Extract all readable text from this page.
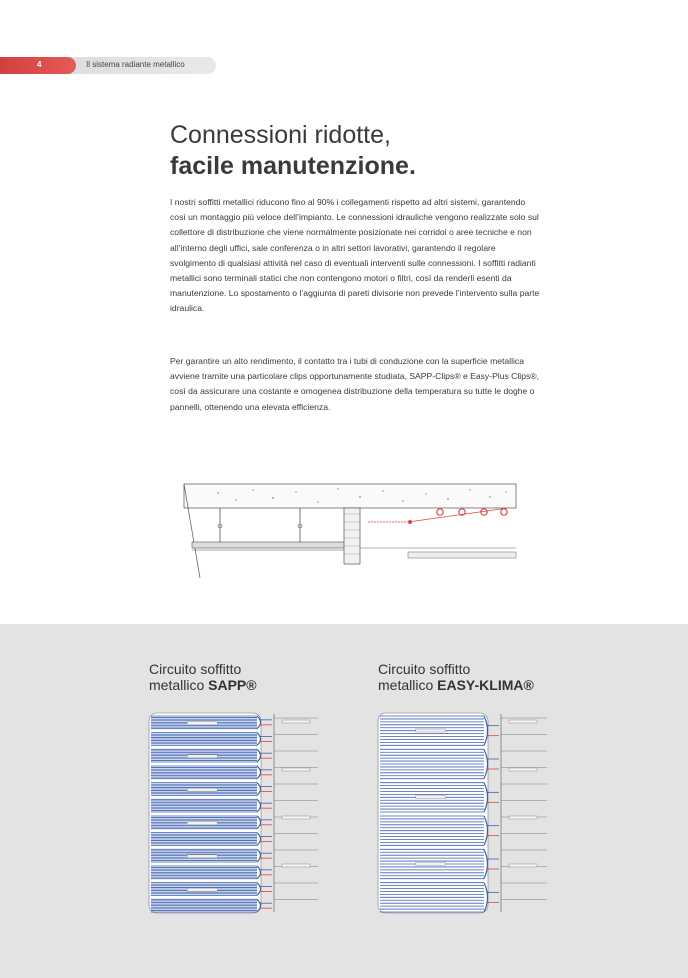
4	Il sistema radiante metallico
Connessioni ridotte,
facile manutenzione.

I nostri soffitti metallici riducono fino al 90% i collegamenti rispetto ad altri sistemi, garantendo così un montaggio più veloce dell’impianto. Le connessioni idrauliche vengono realizzate solo sul collettore di distribuzione che viene normalmente posizionate nei corridoi o aree tecniche e non all’interno degli uffici, sale conferenza o in altri settori lavorativi, garantendo il regolare svolgimento di qualsiasi attività nel caso di eventuali interventi sulle connessioni. I soffitti radianti metallici sono terminali statici che non contengono motori o filtri, così da renderli esenti da manutenzione. Lo spostamento o l’aggiunta di pareti divisorie non prevede l’intervento sulla parte idraulica.

Per garantire un alto rendimento, il contatto tra i tubi di conduzione con la superficie metallica avviene tramite una particolare clips opportunamente studiata, SAPP-Clips® e Easy-Plus Clips®, così da assicurare una costante e omogenea distribuzione della temperatura su tutte le doghe o pannelli, ottenendo una elevata efficienza.

Circuito soffitto
metallico SAPP®
Circuito soffitto
metallico EASY-KLIMA®
